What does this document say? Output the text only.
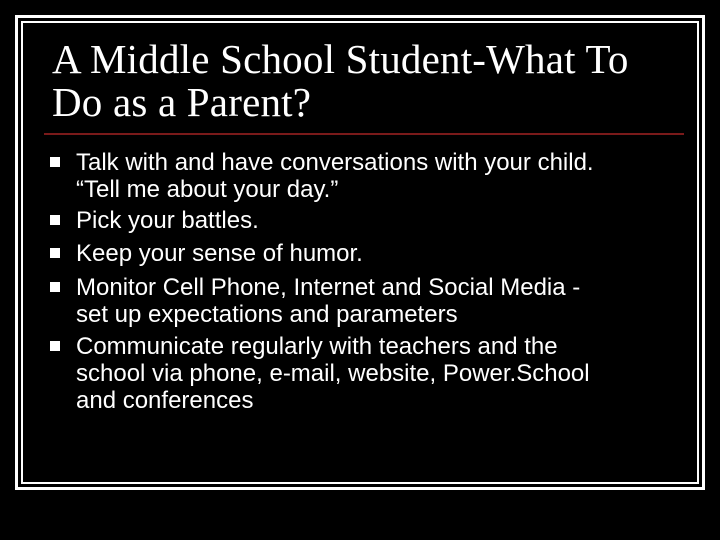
A Middle School Student-What To
Do as a Parent?
Talk with and have conversations with your child.
“Tell me about your day.”
Pick your battles.
Keep your sense of humor.
Monitor Cell Phone, Internet and Social Media -
set up expectations and parameters
Communicate regularly with teachers and the
school via phone, e-mail, website, Power.School
and conferences
